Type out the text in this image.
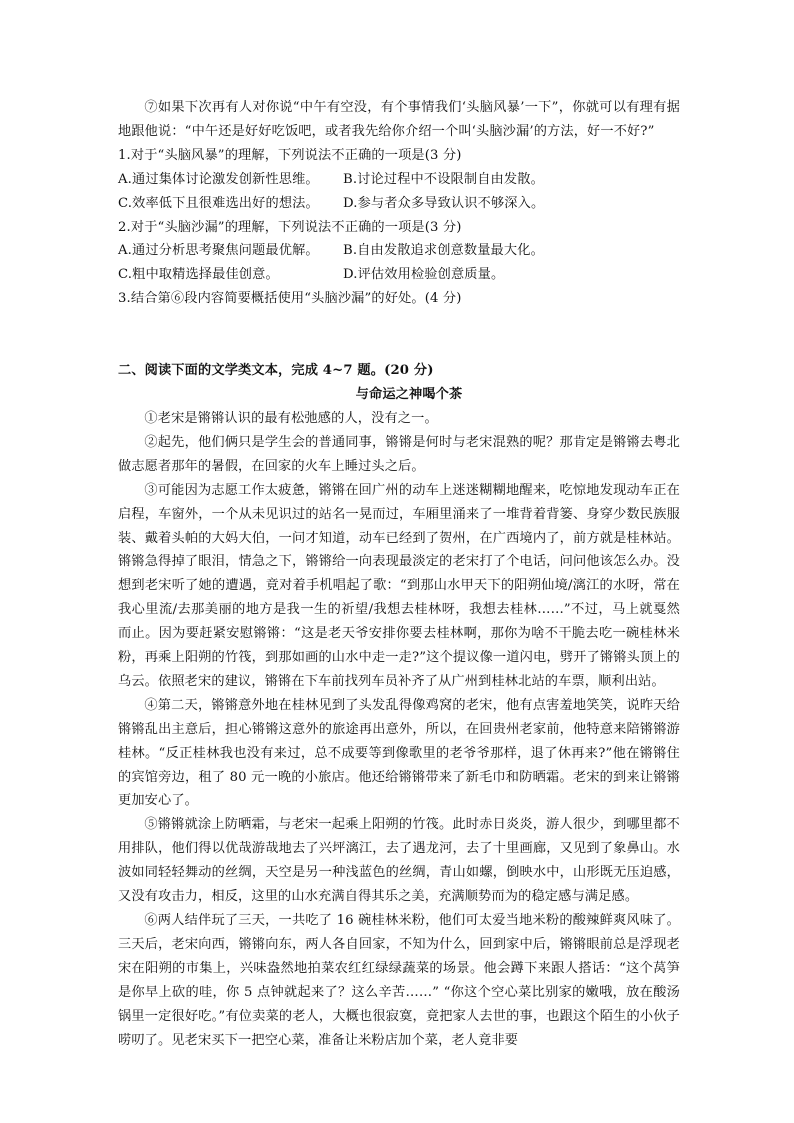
⑦如果下次再有人对你说“中午有空没，有个事情我们‘头脑风暴’一下”，你就可以有理有据地跟他说：“中午还是好好吃饭吧，或者我先给你介绍一个叫‘头脑沙漏’的方法，好一不好?”

1.对于“头脑风暴”的理解，下列说法不正确的一项是(3 分)

A.通过集体讨论激发创新性思维。	B.讨论过程中不设限制自由发散。
C.效率低下且很难选出好的想法。	D.参与者众多导致认识不够深入。

2.对于“头脑沙漏”的理解，下列说法不正确的一项是(3 分)

A.通过分析思考聚焦问题最优解。	B.自由发散追求创意数量最大化。
C.粗中取精选择最佳创意。	D.评估效用检验创意质量。

3.结合第⑥段内容简要概括使用“头脑沙漏”的好处。(4 分)

二、阅读下面的文学类文本，完成 4~7 题。(20 分)

与命运之神喝个茶

①老宋是锵锵认识的最有松弛感的人，没有之一。

②起先，他们俩只是学生会的普通同事，锵锵是何时与老宋混熟的呢？那肯定是锵锵去粤北做志愿者那年的暑假，在回家的火车上睡过头之后。

③可能因为志愿工作太疲惫，锵锵在回广州的动车上迷迷糊糊地醒来，吃惊地发现动车正在启程，车窗外，一个从未见识过的站名一晃而过，车厢里涌来了一堆背着背篓、身穿少数民族服装、戴着头帕的大妈大伯，一问才知道，动车已经到了贺州，在广西境内了，前方就是桂林站。锵锵急得掉了眼泪，情急之下，锵锵给一向表现最淡定的老宋打了个电话，问问他该怎么办。没想到老宋听了她的遭遇，竟对着手机唱起了歌：“到那山水甲天下的阳朔仙境/漓江的水呀，常在我心里流/去那美丽的地方是我一生的祈望/我想去桂林呀，我想去桂林……”不过，马上就戛然而止。因为要赶紧安慰锵锵：“这是老天爷安排你要去桂林啊，那你为啥不干脆去吃一碗桂林米粉，再乘上阳朔的竹筏，到那如画的山水中走一走?”这个提议像一道闪电，劈开了锵锵头顶上的乌云。依照老宋的建议，锵锵在下车前找列车员补齐了从广州到桂林北站的车票，顺利出站。

④第二天，锵锵意外地在桂林见到了头发乱得像鸡窝的老宋，他有点害羞地笑笑，说昨天给锵锵乱出主意后，担心锵锵这意外的旅途再出意外，所以，在回贵州老家前，他特意来陪锵锵游桂林。“反正桂林我也没有来过，总不成要等到像歌里的老爷爷那样，退了休再来?”他在锵锵住的宾馆旁边，租了 80 元一晚的小旅店。他还给锵锵带来了新毛巾和防晒霜。老宋的到来让锵锵更加安心了。

⑤锵锵就涂上防晒霜，与老宋一起乘上阳朔的竹筏。此时赤日炎炎，游人很少，到哪里都不用排队，他们得以优哉游哉地去了兴坪漓江，去了遇龙河，去了十里画廊，又见到了象鼻山。水波如同轻轻舞动的丝绸，天空是另一种浅蓝色的丝绸，青山如螺，倒映水中，山形既无压迫感，又没有攻击力，相反，这里的山水充满自得其乐之美，充满顺势而为的稳定感与满足感。

⑥两人结伴玩了三天，一共吃了 16 碗桂林米粉，他们可太爱当地米粉的酸辣鲜爽风味了。三天后，老宋向西，锵锵向东，两人各自回家，不知为什么，回到家中后，锵锵眼前总是浮现老宋在阳朔的市集上，兴味盎然地拍菜农红红绿绿蔬菜的场景。他会蹲下来跟人搭话：“这个莴笋是你早上砍的哇，你 5 点钟就起来了？这么辛苦……” “你这个空心菜比别家的嫩哦，放在酸汤锅里一定很好吃。”有位卖菜的老人，大概也很寂寞，竟把家人去世的事，也跟这个陌生的小伙子唠叨了。见老宋买下一把空心菜，准备让米粉店加个菜，老人竟非要
